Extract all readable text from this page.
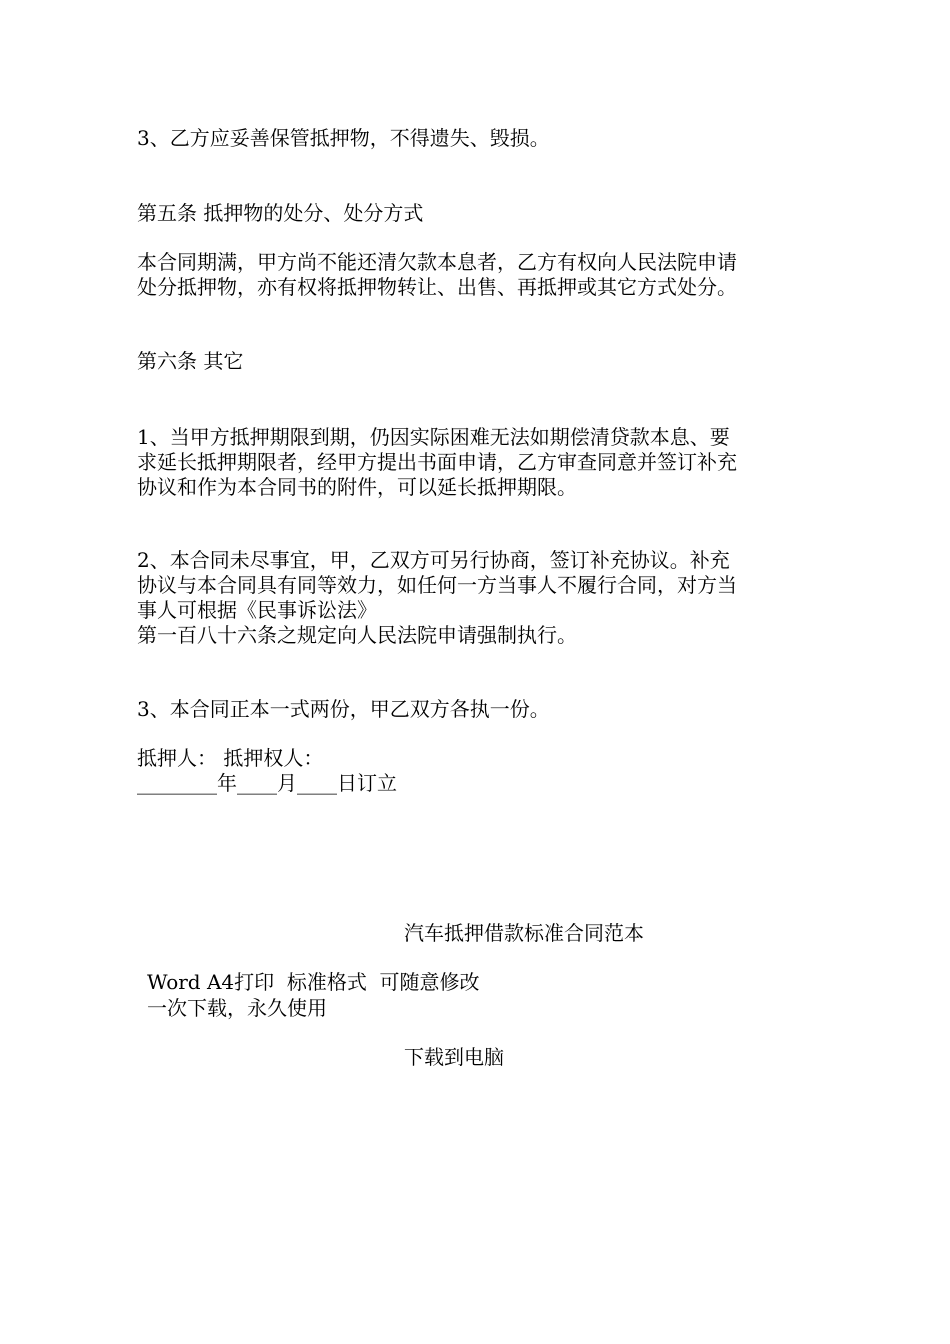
3、乙方应妥善保管抵押物，不得遗失、毁损。

第五条 抵押物的处分、处分方式

本合同期满，甲方尚不能还清欠款本息者，乙方有权向人民法院申请
处分抵押物，亦有权将抵押物转让、出售、再抵押或其它方式处分。

第六条 其它

1、当甲方抵押期限到期，仍因实际困难无法如期偿清贷款本息、要
求延长抵押期限者，经甲方提出书面申请，乙方审查同意并签订补充
协议和作为本合同书的附件，可以延长抵押期限。

2、本合同未尽事宜，甲，乙双方可另行协商，签订补充协议。补充
协议与本合同具有同等效力，如任何一方当事人不履行合同，对方当
事人可根据《民事诉讼法》
第一百八十六条之规定向人民法院申请强制执行。

3、本合同正本一式两份，甲乙双方各执一份。

抵押人： 抵押权人：

________年____月____日订立

汽车抵押借款标准合同范本
Word A4打印  标准格式  可随意修改
一次下载，永久使用
下载到电脑
